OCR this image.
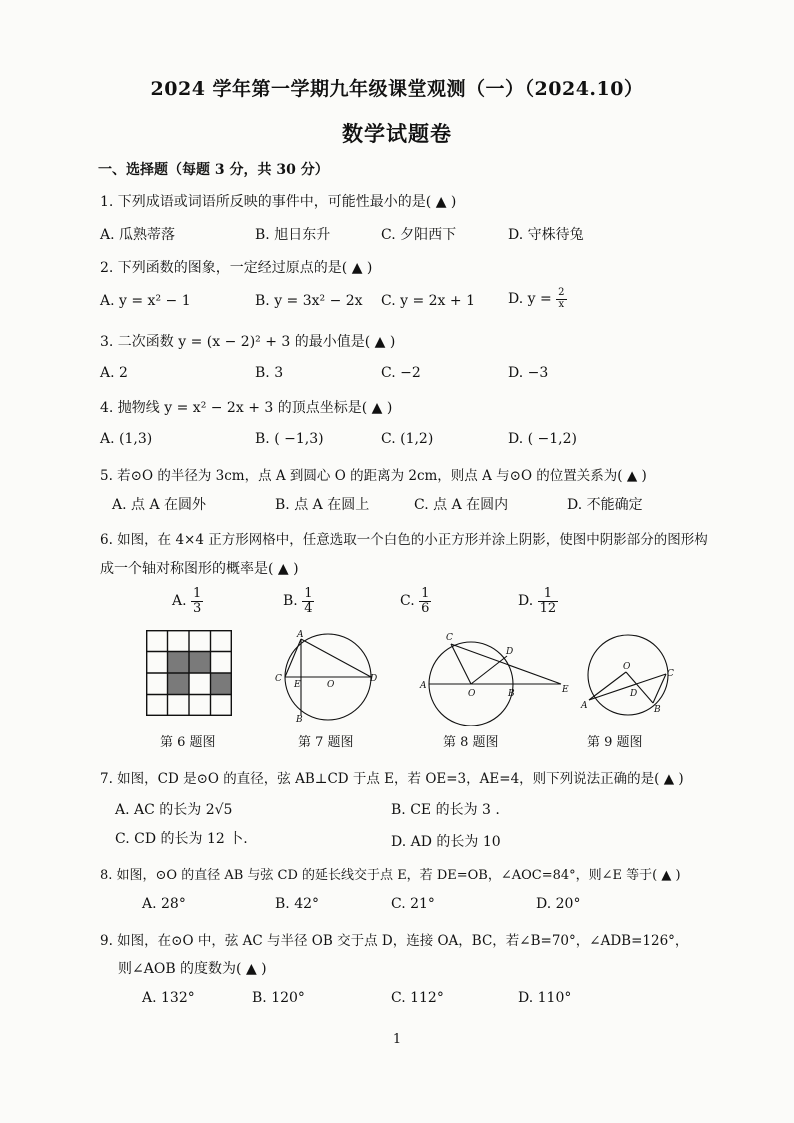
2024 学年第一学期九年级课堂观测（一）（2024.10）
数学试题卷
一、选择题（每题 3 分，共 30 分）
1. 下列成语或词语所反映的事件中，可能性最小的是( ▲ )
A. 瓜熟蒂落	B. 旭日东升	C. 夕阳西下	D. 守株待兔
2. 下列函数的图象，一定经过原点的是( ▲ )
A. y = x² − 1	B. y = 3x² − 2x C. y = 2x + 1 D. $y = \frac{2}{x}$
3. 二次函数 y = (x − 2)² + 3 的最小值是( ▲ )
A. 2	B. 3	C. −2	D. −3
4. 抛物线 y = x² − 2x + 3 的顶点坐标是( ▲ )
A. (1,3)	B. ( −1,3)	C. (1,2)	D. ( −1,2)
5. 若⊙O 的半径为 3cm，点 A 到圆心 O 的距离为 2cm，则点 A 与⊙O 的位置关系为( ▲ )
A. 点 A 在圆外	B. 点 A 在圆上	C. 点 A 在圆内	D. 不能确定
6. 如图，在 4×4 正方形网格中，任意选取一个白色的小正方形并涂上阴影，使图中阴影部分的图形构
成一个轴对称图形的概率是( ▲ )
A. $\frac{1}{3}$	B. $\frac{1}{4}$	C. $\frac{1}{6}$	D. $\frac{1}{12}$
A
C
E	O
D
B
C
D
A
O	B	E
O
D
C
A	B
第 6 题图	第 7 题图	第 8 题图	第 9 题图
7. 如图，CD 是⊙O 的直径，弦 AB⊥CD 于点 E，若 OE=3，AE=4，则下列说法正确的是( ▲ )
A. AC 的长为 2√5	B. CE 的长为 3 .
C. CD 的长为 12 卜.	D. AD 的长为 10
8. 如图，⊙O 的直径 AB 与弦 CD 的延长线交于点 E，若 DE=OB，∠AOC=84°，则∠E 等于( ▲ )
A. 28°	B. 42°	C. 21°	D. 20°
9. 如图，在⊙O 中，弦 AC 与半径 OB 交于点 D，连接 OA，BC，若∠B=70°，∠ADB=126°，
则∠AOB 的度数为( ▲ )
A. 132°	B. 120°	C. 112°	D. 110°
1
